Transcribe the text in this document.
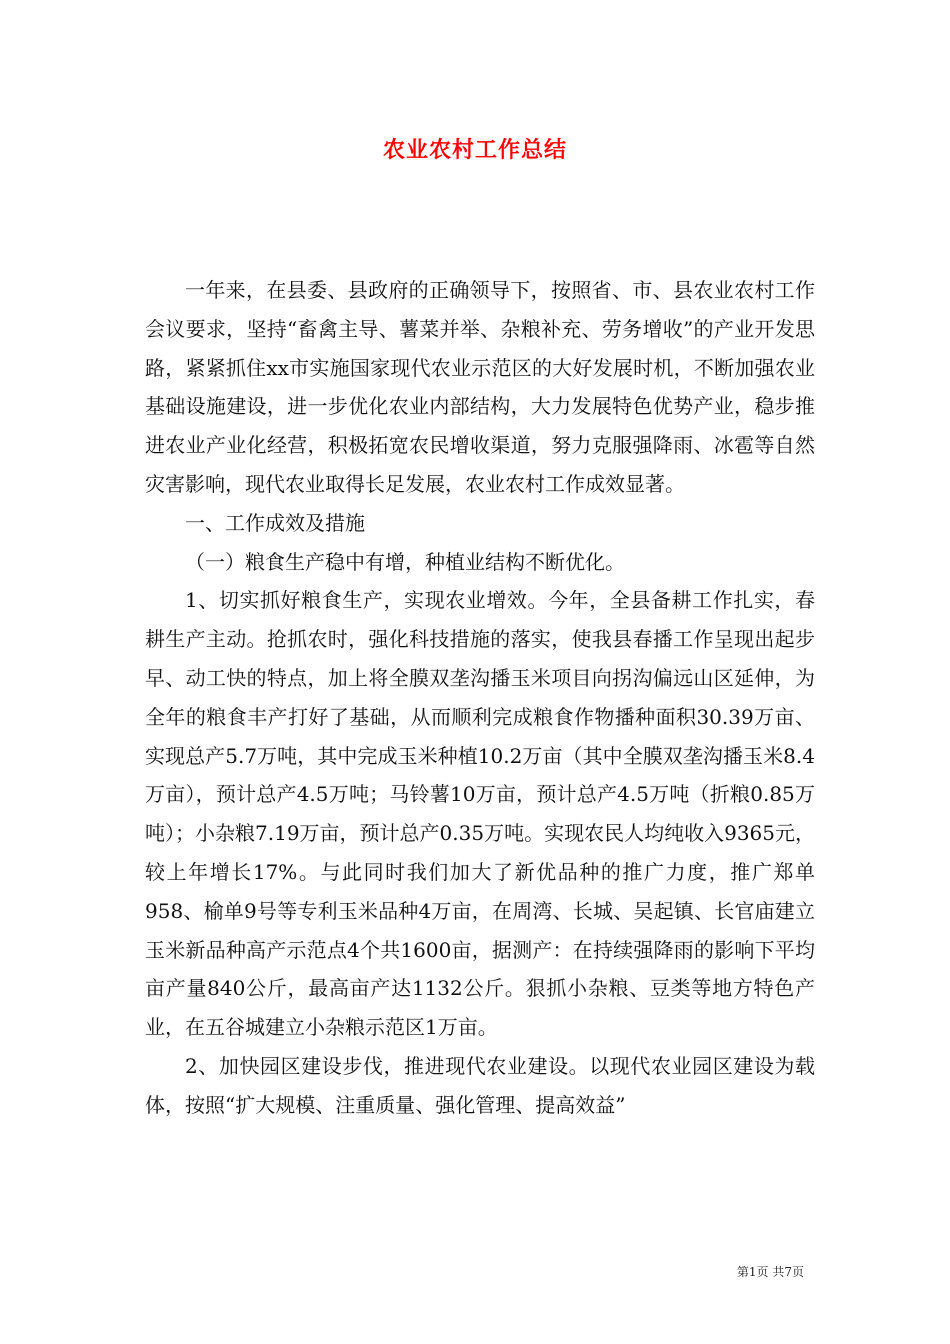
农业农村工作总结

一年来，在县委、县政府的正确领导下，按照省、市、县农业农村工作会议要求，坚持“畜禽主导、薯菜并举、杂粮补充、劳务增收”的产业开发思路，紧紧抓住xx市实施国家现代农业示范区的大好发展时机，不断加强农业基础设施建设，进一步优化农业内部结构，大力发展特色优势产业，稳步推进农业产业化经营，积极拓宽农民增收渠道，努力克服强降雨、冰雹等自然灾害影响，现代农业取得长足发展，农业农村工作成效显著。

一、工作成效及措施

（一）粮食生产稳中有增，种植业结构不断优化。

1、切实抓好粮食生产，实现农业增效。今年，全县备耕工作扎实，春耕生产主动。抢抓农时，强化科技措施的落实，使我县春播工作呈现出起步早、动工快的特点，加上将全膜双垄沟播玉米项目向拐沟偏远山区延伸，为全年的粮食丰产打好了基础，从而顺利完成粮食作物播种面积30.39万亩、实现总产5.7万吨，其中完成玉米种植10.2万亩（其中全膜双垄沟播玉米8.4万亩），预计总产4.5万吨；马铃薯10万亩，预计总产4.5万吨（折粮0.85万吨）；小杂粮7.19万亩，预计总产0.35万吨。实现农民人均纯收入9365元，较上年增长17%。与此同时我们加大了新优品种的推广力度，推广郑单958、榆单9号等专利玉米品种4万亩，在周湾、长城、吴起镇、长官庙建立玉米新品种高产示范点4个共1600亩，据测产：在持续强降雨的影响下平均亩产量840公斤，最高亩产达1132公斤。狠抓小杂粮、豆类等地方特色产业，在五谷城建立小杂粮示范区1万亩。

2、加快园区建设步伐，推进现代农业建设。以现代农业园区建设为载体，按照“扩大规模、注重质量、强化管理、提高效益”

第1页 共7页
